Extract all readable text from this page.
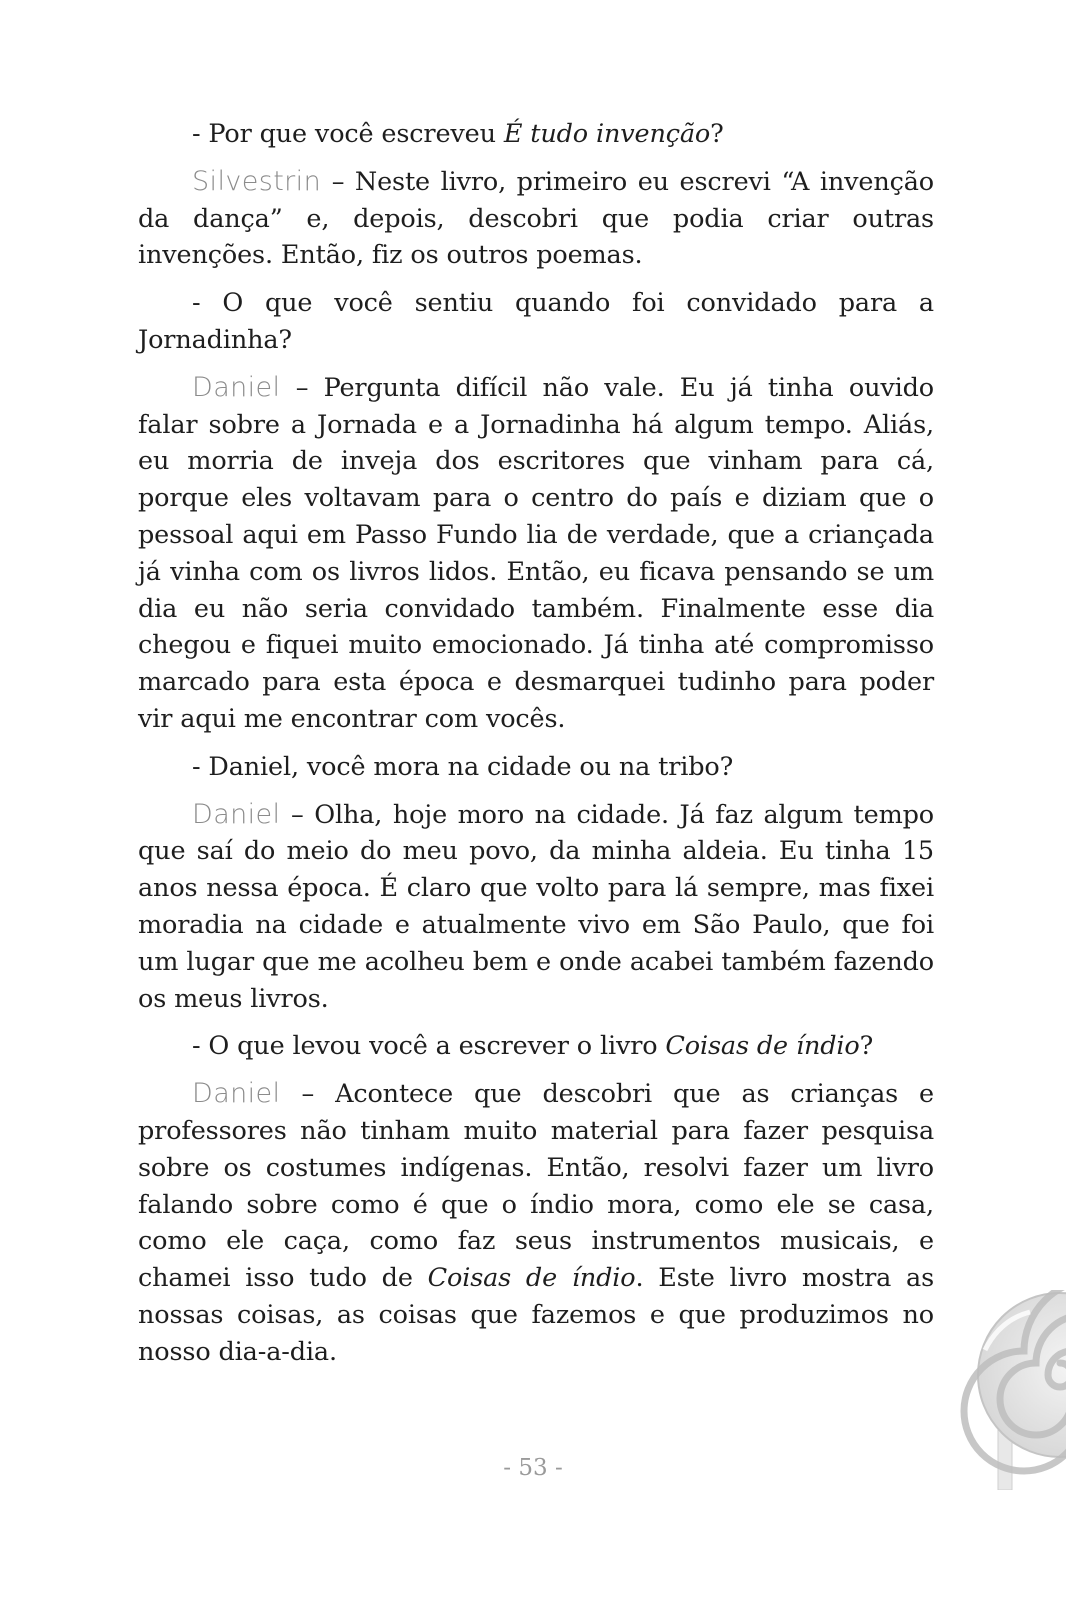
- Por que você escreveu É tudo invenção?

Silvestrin – Neste livro, primeiro eu escrevi “A invenção da dança” e, depois, descobri que podia criar outras invenções. Então, fiz os outros poemas.

- O que você sentiu quando foi convidado para a Jornadinha?

Daniel – Pergunta difícil não vale. Eu já tinha ouvido falar sobre a Jornada e a Jornadinha há algum tempo. Aliás, eu morria de inveja dos escritores que vinham para cá, porque eles voltavam para o centro do país e diziam que o pessoal aqui em Passo Fundo lia de verdade, que a criançada já vinha com os livros lidos. Então, eu ficava pensando se um dia eu não seria convidado também. Finalmente esse dia chegou e fiquei muito emocionado. Já tinha até compromisso marcado para esta época e desmarquei tudinho para poder vir aqui me encontrar com vocês.

- Daniel, você mora na cidade ou na tribo?

Daniel – Olha, hoje moro na cidade. Já faz algum tempo que saí do meio do meu povo, da minha aldeia. Eu tinha 15 anos nessa época. É claro que volto para lá sempre, mas fixei moradia na cidade e atualmente vivo em São Paulo, que foi um lugar que me acolheu bem e onde acabei também fazendo os meus livros.

- O que levou você a escrever o livro Coisas de índio?

Daniel – Acontece que descobri que as crianças e professores não tinham muito material para fazer pesquisa sobre os costumes indígenas. Então, resolvi fazer um livro falando sobre como é que o índio mora, como ele se casa, como ele caça, como faz seus instrumentos musicais, e chamei isso tudo de Coisas de índio. Este livro mostra as nossas coisas, as coisas que fazemos e que produzimos no nosso dia-a-dia.

- 53 -
